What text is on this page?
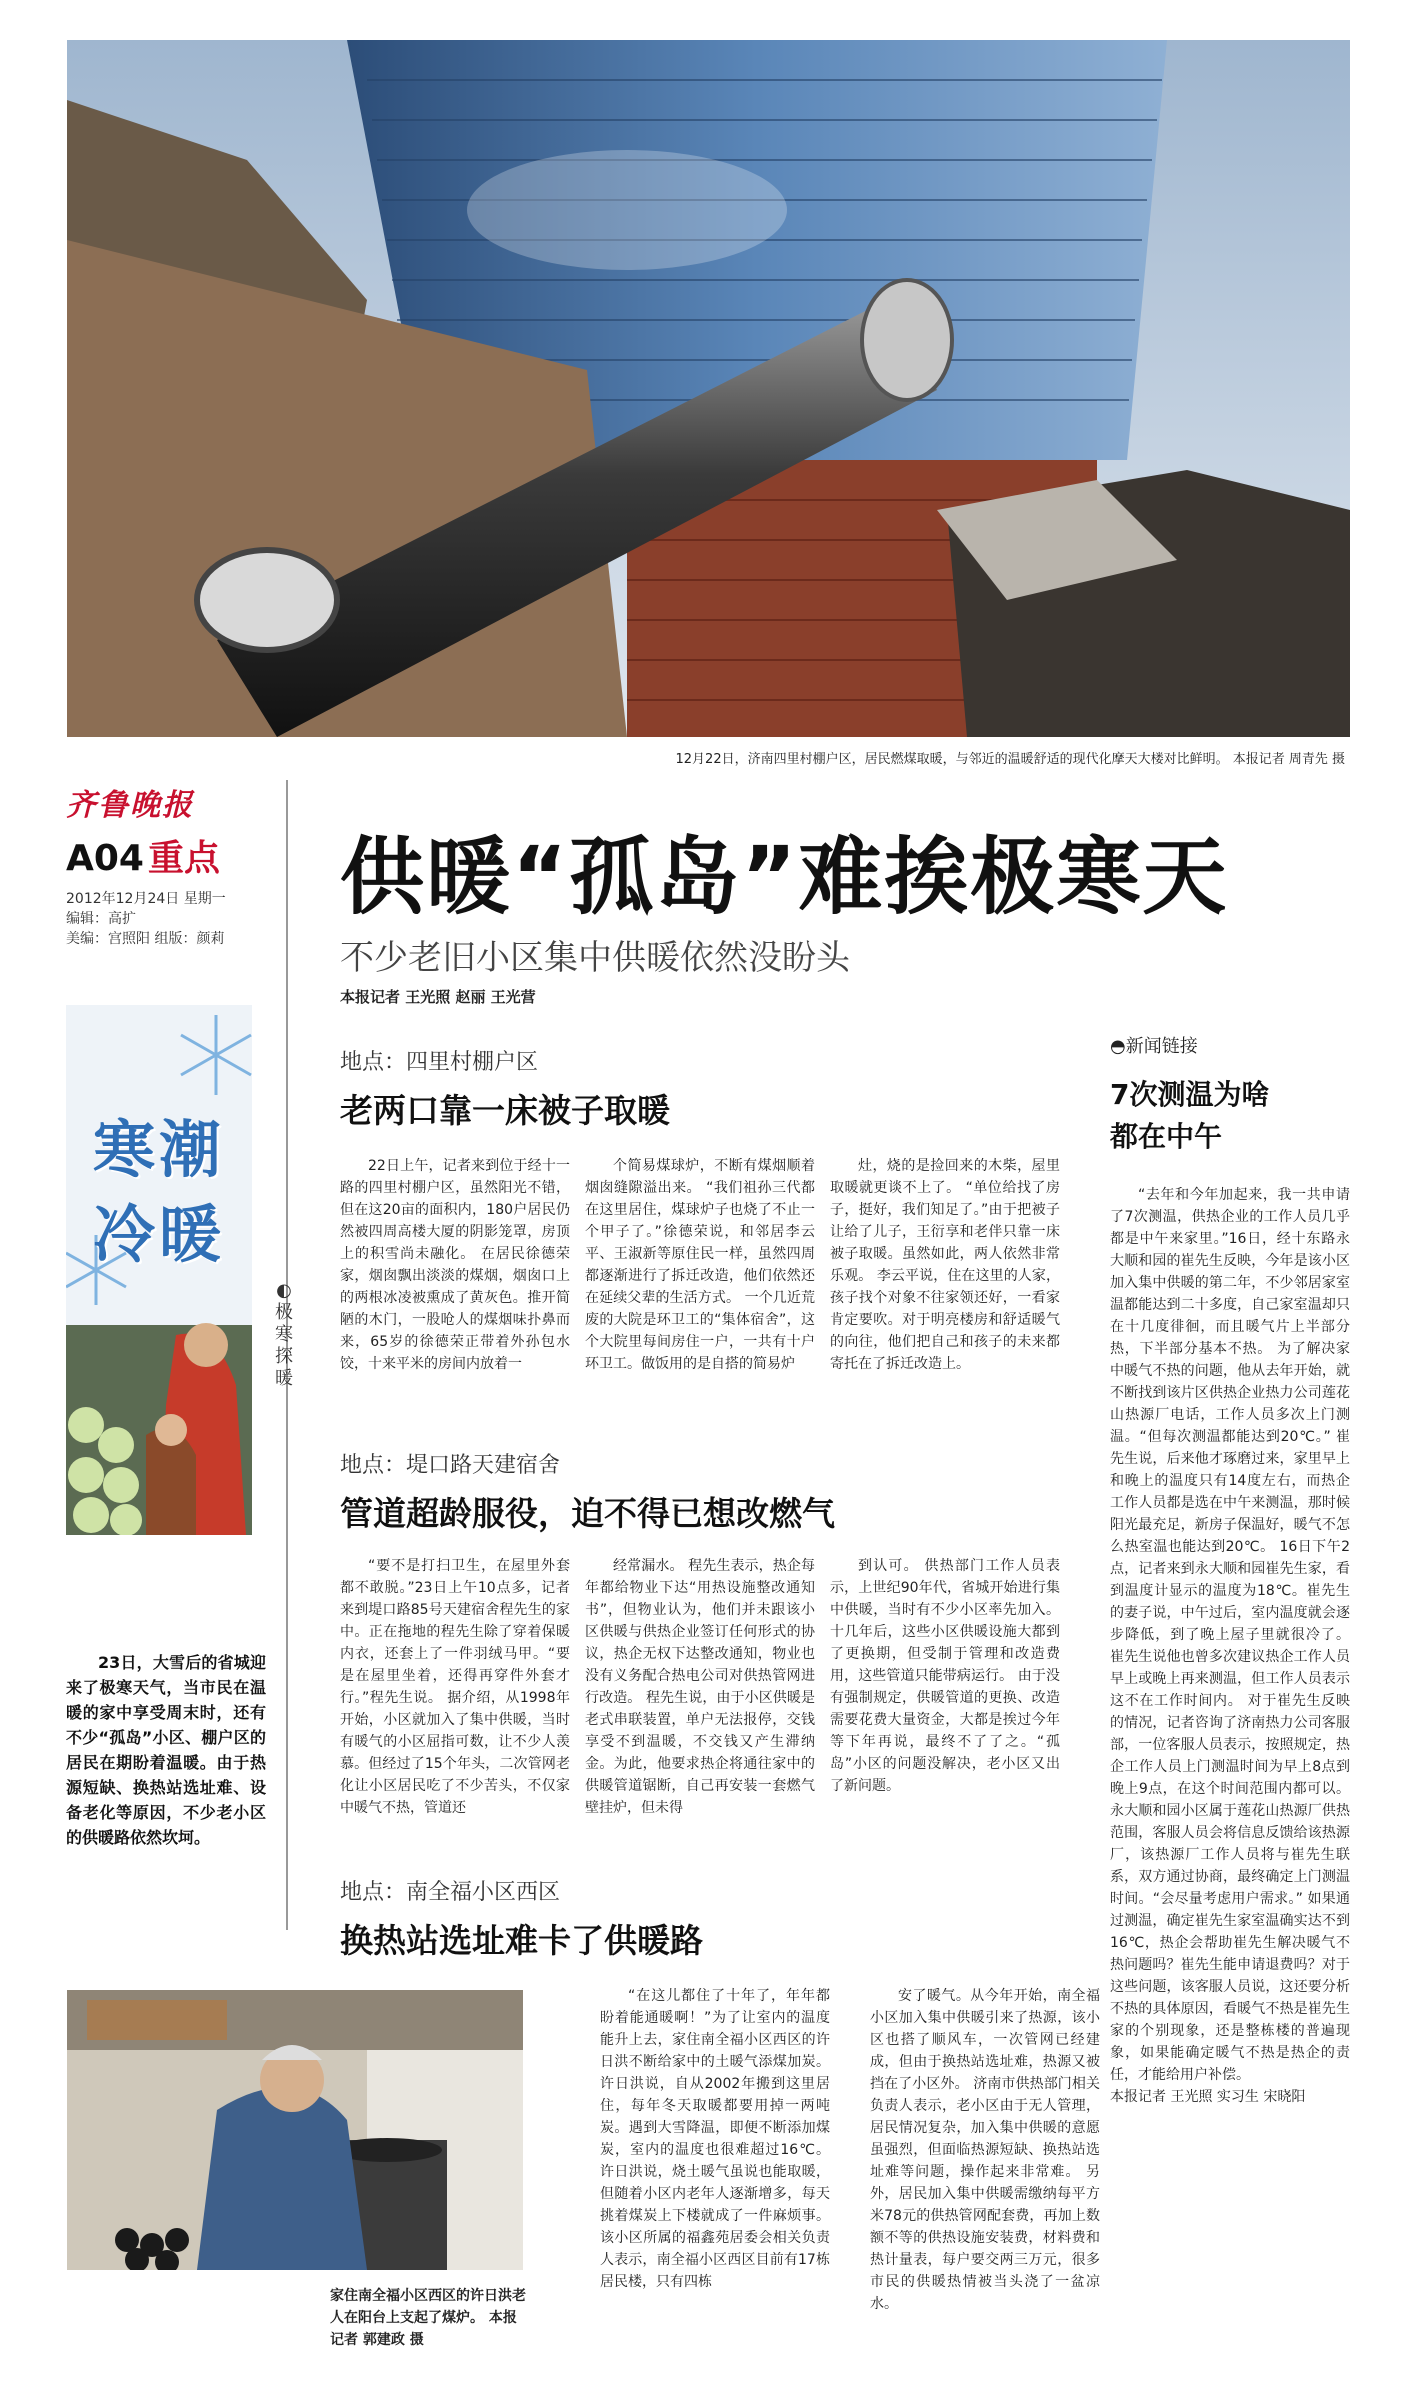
12月22日，济南四里村棚户区，居民燃煤取暖，与邻近的温暖舒适的现代化摩天大楼对比鲜明。 本报记者 周青先 摄
齐鲁晚报
A04 重点
2012年12月24日 星期一
编辑：高扩
美编：宫照阳 组版：颜莉
供暖“孤岛”难挨极寒天
不少老旧小区集中供暖依然没盼头
本报记者 王光照 赵丽 王光营
寒潮
冷暖
◐极寒探暖
23日，大雪后的省城迎来了极寒天气，当市民在温暖的家中享受周末时，还有不少“孤岛”小区、棚户区的居民在期盼着温暖。由于热源短缺、换热站选址难、设备老化等原因，不少老小区的供暖路依然坎坷。
地点：四里村棚户区
老两口靠一床被子取暖

22日上午，记者来到位于经十一路的四里村棚户区，虽然阳光不错，但在这20亩的面积内，180户居民仍然被四周高楼大厦的阴影笼罩，房顶上的积雪尚未融化。 在居民徐德荣家，烟囱飘出淡淡的煤烟，烟囱口上的两根冰凌被熏成了黄灰色。推开简陋的木门，一股呛人的煤烟味扑鼻而来，65岁的徐德荣正带着外孙包水饺，十来平米的房间内放着一

个简易煤球炉，不断有煤烟顺着烟囱缝隙溢出来。 “我们祖孙三代都在这里居住，煤球炉子也烧了不止一个甲子了。”徐德荣说，和邻居李云平、王淑新等原住民一样，虽然四周都逐渐进行了拆迁改造，他们依然还在延续父辈的生活方式。 一个几近荒废的大院是环卫工的“集体宿舍”，这个大院里每间房住一户，一共有十户环卫工。做饭用的是自搭的简易炉

灶，烧的是捡回来的木柴，屋里取暖就更谈不上了。 “单位给找了房子，挺好，我们知足了。”由于把被子让给了儿子，王衍享和老伴只靠一床被子取暖。虽然如此，两人依然非常乐观。 李云平说，住在这里的人家，孩子找个对象不往家领还好，一看家肯定要吹。对于明亮楼房和舒适暖气的向往，他们把自己和孩子的未来都寄托在了拆迁改造上。

地点：堤口路天建宿舍
管道超龄服役，迫不得已想改燃气

“要不是打扫卫生，在屋里外套都不敢脱。”23日上午10点多，记者来到堤口路85号天建宿舍程先生的家中。正在拖地的程先生除了穿着保暖内衣，还套上了一件羽绒马甲。“要是在屋里坐着，还得再穿件外套才行。”程先生说。 据介绍，从1998年开始，小区就加入了集中供暖，当时有暖气的小区屈指可数，让不少人羡慕。但经过了15个年头，二次管网老化让小区居民吃了不少苦头，不仅家中暖气不热，管道还

经常漏水。 程先生表示，热企每年都给物业下达“用热设施整改通知书”，但物业认为，他们并未跟该小区供暖与供热企业签订任何形式的协议，热企无权下达整改通知，物业也没有义务配合热电公司对供热管网进行改造。 程先生说，由于小区供暖是老式串联装置，单户无法报停，交钱享受不到温暖，不交钱又产生滞纳金。为此，他要求热企将通往家中的供暖管道锯断，自己再安装一套燃气壁挂炉，但未得

到认可。 供热部门工作人员表示，上世纪90年代，省城开始进行集中供暖，当时有不少小区率先加入。十几年后，这些小区供暖设施大都到了更换期，但受制于管理和改造费用，这些管道只能带病运行。 由于没有强制规定，供暖管道的更换、改造需要花费大量资金，大都是挨过今年等下年再说，最终不了了之。“孤岛”小区的问题没解决，老小区又出了新问题。

地点：南全福小区西区
换热站选址难卡了供暖路
家住南全福小区西区的许日洪老人在阳台上支起了煤炉。 本报记者 郭建政 摄

“在这儿都住了十年了，年年都盼着能通暖啊！”为了让室内的温度能升上去，家住南全福小区西区的许日洪不断给家中的土暖气添煤加炭。 许日洪说，自从2002年搬到这里居住，每年冬天取暖都要用掉一两吨炭。遇到大雪降温，即便不断添加煤炭，室内的温度也很难超过16℃。 许日洪说，烧土暖气虽说也能取暖，但随着小区内老年人逐渐增多，每天挑着煤炭上下楼就成了一件麻烦事。 该小区所属的福鑫苑居委会相关负责人表示，南全福小区西区目前有17栋居民楼，只有四栋

安了暖气。从今年开始，南全福小区加入集中供暖引来了热源，该小区也搭了顺风车，一次管网已经建成，但由于换热站选址难，热源又被挡在了小区外。 济南市供热部门相关负责人表示，老小区由于无人管理，居民情况复杂，加入集中供暖的意愿虽强烈，但面临热源短缺、换热站选址难等问题，操作起来非常难。 另外，居民加入集中供暖需缴纳每平方米78元的供热管网配套费，再加上数额不等的供热设施安装费，材料费和热计量表，每户要交两三万元，很多市民的供暖热情被当头浇了一盆凉水。

◓新闻链接
7次测温为啥
都在中午

“去年和今年加起来，我一共申请了7次测温，供热企业的工作人员几乎都是中午来家里。”16日，经十东路永大顺和园的崔先生反映，今年是该小区加入集中供暖的第二年，不少邻居家室温都能达到二十多度，自己家室温却只在十几度徘徊，而且暖气片上半部分热，下半部分基本不热。 为了解决家中暖气不热的问题，他从去年开始，就不断找到该片区供热企业热力公司莲花山热源厂电话，工作人员多次上门测温。“但每次测温都能达到20℃。” 崔先生说，后来他才琢磨过来，家里早上和晚上的温度只有14度左右，而热企工作人员都是选在中午来测温，那时候阳光最充足，新房子保温好，暖气不怎么热室温也能达到20℃。 16日下午2点，记者来到永大顺和园崔先生家，看到温度计显示的温度为18℃。崔先生的妻子说，中午过后，室内温度就会逐步降低，到了晚上屋子里就很冷了。 崔先生说他也曾多次建议热企工作人员早上或晚上再来测温，但工作人员表示这不在工作时间内。 对于崔先生反映的情况，记者咨询了济南热力公司客服部，一位客服人员表示，按照规定，热企工作人员上门测温时间为早上8点到晚上9点，在这个时间范围内都可以。 永大顺和园小区属于莲花山热源厂供热范围，客服人员会将信息反馈给该热源厂，该热源厂工作人员将与崔先生联系，双方通过协商，最终确定上门测温时间。“会尽量考虑用户需求。” 如果通过测温，确定崔先生家室温确实达不到16℃，热企会帮助崔先生解决暖气不热问题吗？崔先生能申请退费吗？对于这些问题，该客服人员说，这还要分析不热的具体原因，看暖气不热是崔先生家的个别现象，还是整栋楼的普遍现象，如果能确定暖气不热是热企的责任，才能给用户补偿。

本报记者 王光照 实习生 宋晓阳
